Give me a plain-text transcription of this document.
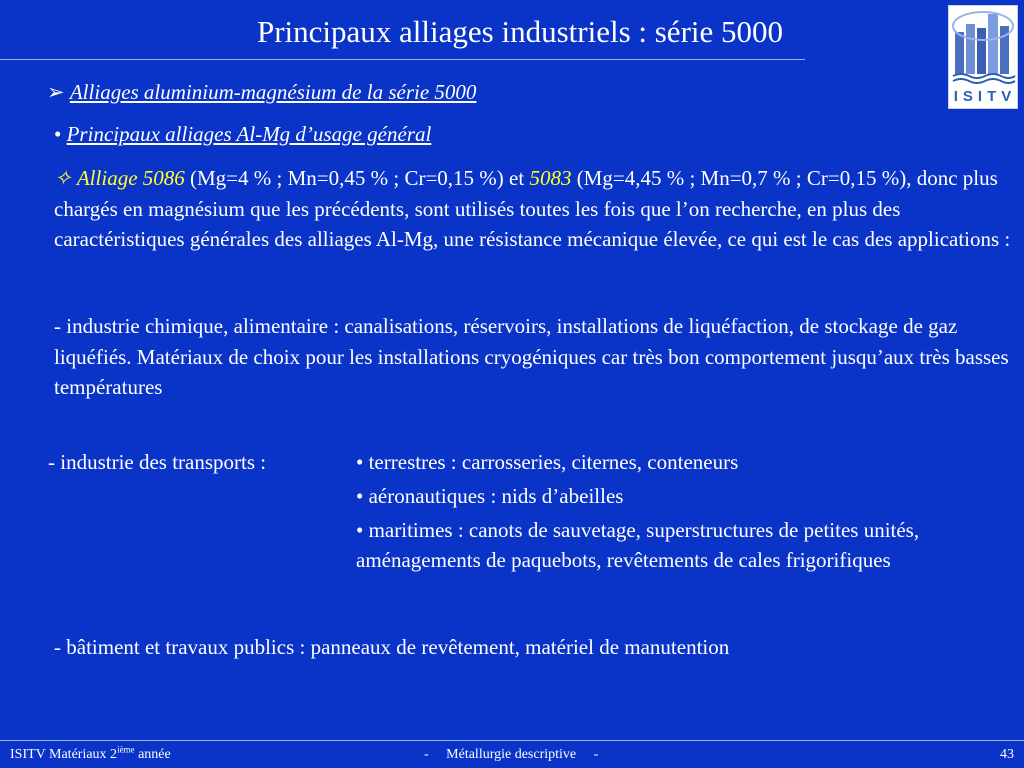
Principaux alliages industriels : série 5000
ISITV
➢ Alliages aluminium-magnésium de la série 5000
• Principaux alliages Al-Mg d’usage général
✧ Alliage 5086 (Mg=4 % ; Mn=0,45 % ; Cr=0,15 %) et 5083 (Mg=4,45 % ; Mn=0,7 % ; Cr=0,15 %), donc plus chargés en magnésium que les précédents, sont utilisés toutes les fois que l’on recherche, en plus des caractéristiques générales des alliages Al-Mg, une résistance mécanique élevée, ce qui est le cas des applications :
- industrie chimique, alimentaire : canalisations, réservoirs, installations de liquéfaction, de stockage de gaz liquéfiés. Matériaux de choix pour les installations cryogéniques car très bon comportement jusqu’aux très basses températures
- industrie des transports :	• terrestres : carrosseries, citernes, conteneurs
• aéronautiques : nids d’abeilles
• maritimes : canots de sauvetage, superstructures de petites unités, aménagements de paquebots, revêtements de cales frigorifiques
- bâtiment et travaux publics : panneaux de revêtement, matériel de manutention
ISITV Matériaux 2ième année	-     Métallurgie descriptive     -	43
